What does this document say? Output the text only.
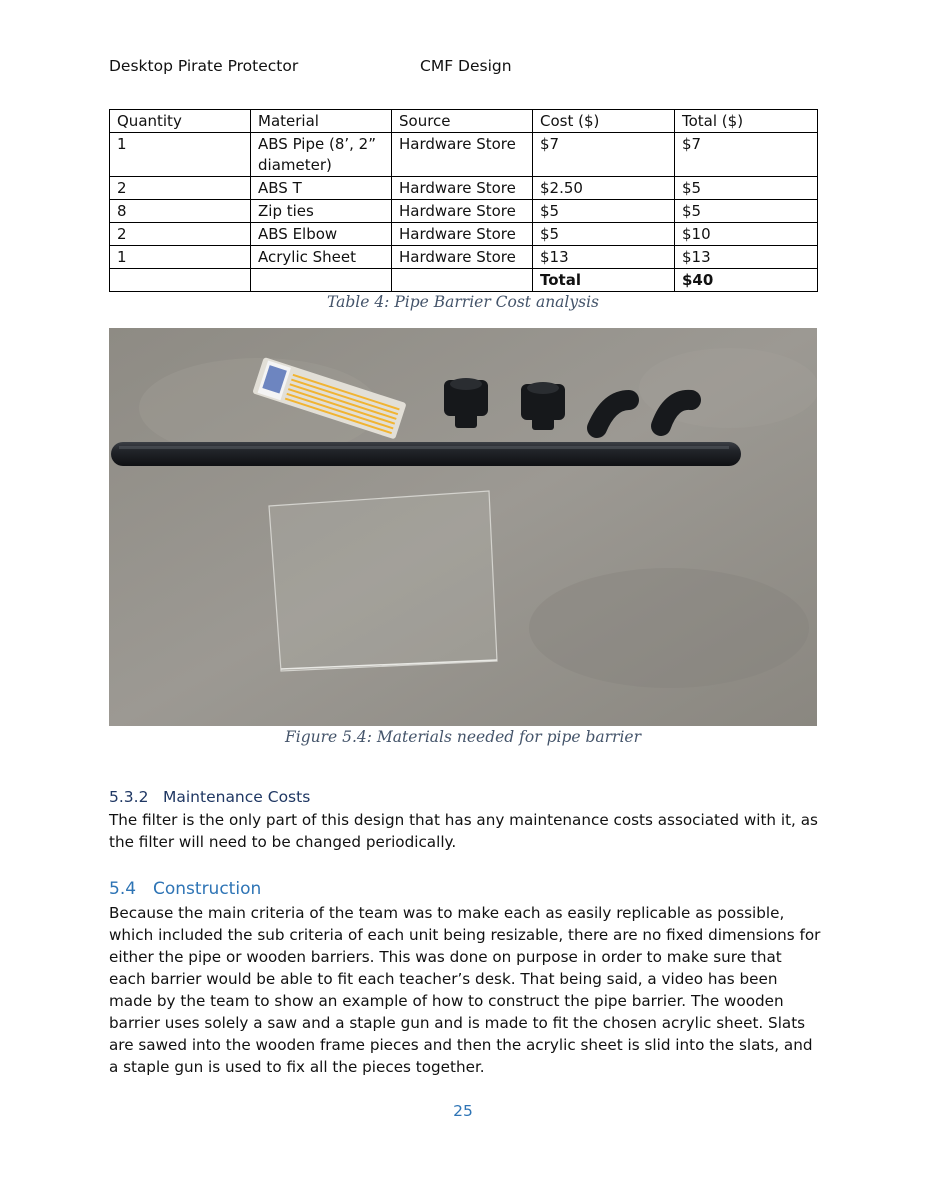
Desktop Pirate Protector	CMF Design
Quantity	Material	Source	Cost ($)	Total ($)
1	ABS Pipe (8’, 2” diameter)	Hardware Store	$7	$7
2	ABS T	Hardware Store	$2.50	$5
8	Zip ties	Hardware Store	$5	$5
2	ABS Elbow	Hardware Store	$5	$10
1	Acrylic Sheet	Hardware Store	$13	$13
			Total	$40
Table 4: Pipe Barrier Cost analysis
Figure 5.4: Materials needed for pipe barrier
5.3.2 Maintenance Costs

The filter is the only part of this design that has any maintenance costs associated with it, as the filter will need to be changed periodically.

5.4 Construction

Because the main criteria of the team was to make each as easily replicable as possible, which included the sub criteria of each unit being resizable, there are no fixed dimensions for either the pipe or wooden barriers. This was done on purpose in order to make sure that each barrier would be able to fit each teacher’s desk. That being said, a video has been made by the team to show an example of how to construct the pipe barrier. The wooden barrier uses solely a saw and a staple gun and is made to fit the chosen acrylic sheet. Slats are sawed into the wooden frame pieces and then the acrylic sheet is slid into the slats, and a staple gun is used to fix all the pieces together.

25
